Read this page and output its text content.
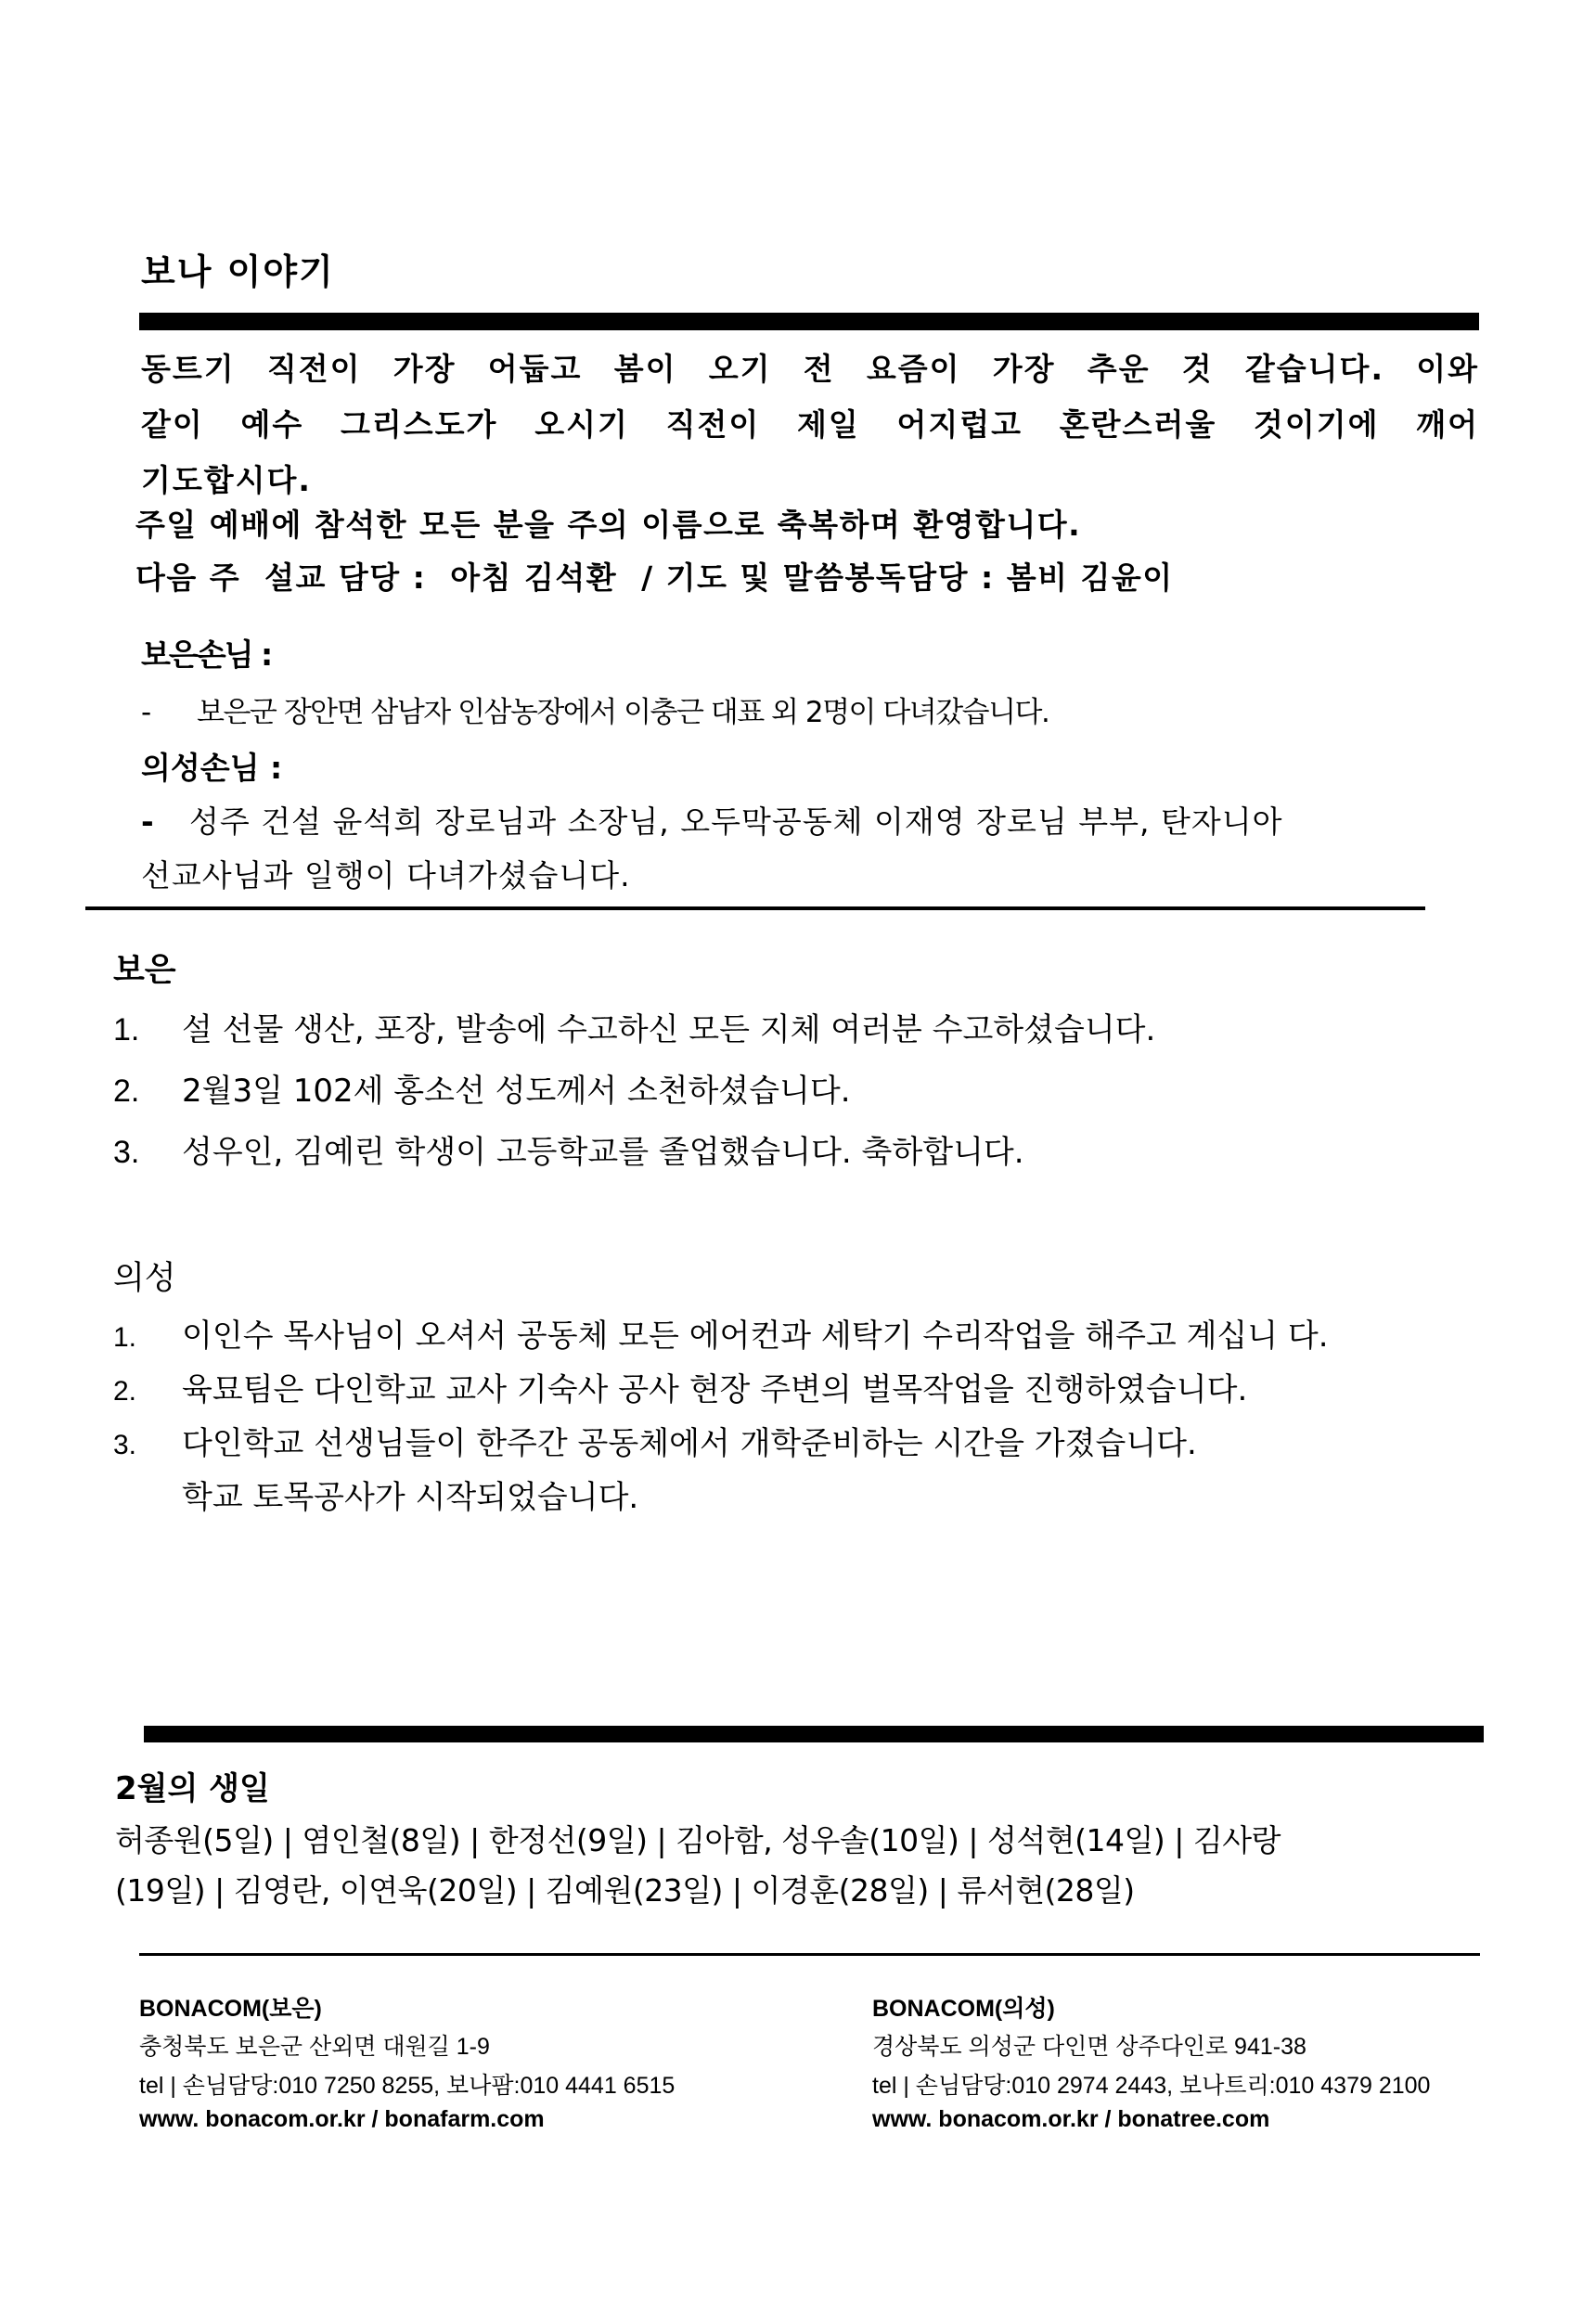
보나 이야기
동트기 직전이 가장 어둡고 봄이 오기 전 요즘이 가장 추운 것 같습니다. 이와
같이 예수 그리스도가 오시기 직전이 제일 어지럽고 혼란스러울 것이기에 깨어
기도합시다.
주일 예배에 참석한 모든 분을 주의 이름으로 축복하며 환영합니다.
다음 주  설교 담당 :  아침 김석환  / 기도 및 말씀봉독담당 : 봄비 김윤이
보은손님 :
- 보은군 장안면 삼남자 인삼농장에서 이충근 대표 외 2명이 다녀갔습니다.
의성손님 :
- 성주 건설 윤석희 장로님과 소장님, 오두막공동체 이재영 장로님 부부, 탄자니아
선교사님과 일행이 다녀가셨습니다.
보은
1. 설 선물 생산, 포장, 발송에 수고하신 모든 지체 여러분 수고하셨습니다.
2. 2월3일 102세 홍소선 성도께서 소천하셨습니다.
3. 성우인, 김예린 학생이 고등학교를 졸업했습니다. 축하합니다.
의성
1. 이인수 목사님이 오셔서 공동체 모든 에어컨과 세탁기 수리작업을 해주고 계십니 다.
2. 육묘팀은 다인학교 교사 기숙사 공사 현장 주변의 벌목작업을 진행하였습니다.
3. 다인학교 선생님들이 한주간 공동체에서 개학준비하는 시간을 가졌습니다.
학교 토목공사가 시작되었습니다.
2월의 생일
허종원(5일) | 염인철(8일) | 한정선(9일) | 김아함, 성우솔(10일) | 성석현(14일) | 김사랑
(19일) | 김영란, 이연욱(20일) | 김예원(23일) | 이경훈(28일) | 류서현(28일)
BONACOM(보은)
충청북도 보은군 산외면 대원길 1-9
tel | 손님담당:010 7250 8255, 보나팜:010 4441 6515
www. bonacom.or.kr / bonafarm.com
BONACOM(의성)
경상북도 의성군 다인면 상주다인로 941-38
tel | 손님담당:010 2974 2443, 보나트리:010 4379 2100
www. bonacom.or.kr / bonatree.com
